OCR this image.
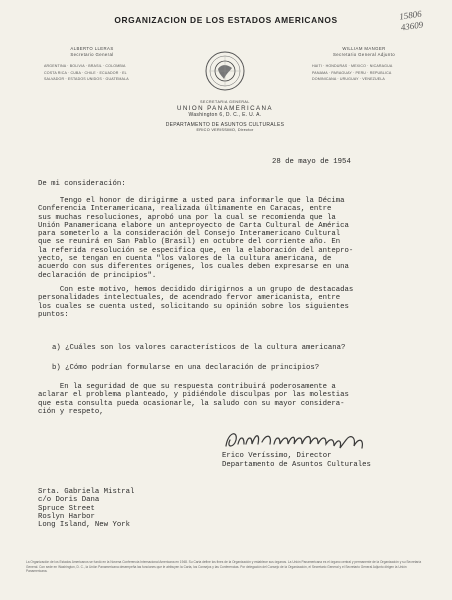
ORGANIZACION DE LOS ESTADOS AMERICANOS	15806
43609
ALBERTO LLERAS
Secretario General
ARGENTINA · BOLIVIA · BRASIL · COLOMBIA
COSTA RICA · CUBA · CHILE · ECUADOR · EL
SALVADOR · ESTADOS UNIDOS · GUATEMALA
WILLIAM MANGER
Secretario General Adjunto
HAITI · HONDURAS · MEXICO · NICARAGUA
PANAMA · PARAGUAY · PERU · REPUBLICA
DOMINICANA · URUGUAY · VENEZUELA
SECRETARIA GENERAL
UNION PANAMERICANA
Washington 6, D. C., E. U. A.
DEPARTAMENTO DE ASUNTOS CULTURALES
ERICO VERISSIMO, Director
28 de mayo de 1954
De mi consideración:
Tengo el honor de dirigirme a usted para informarle que la Décima
Conferencia Interamericana, realizada últimamente en Caracas, entre
sus muchas resoluciones, aprobó una por la cual se recomienda que la
Unión Panamericana elabore un anteproyecto de Carta Cultural de América
para someterlo a la consideración del Consejo Interamericano Cultural
que se reunirá en San Pablo (Brasil) en octubre del corriente año. En
la referida resolución se especifica que, en la elaboración del antepro-
yecto, se tengan en cuenta "los valores de la cultura americana, de
acuerdo con sus diferentes orígenes, los cuales deben expresarse en una
declaración de principios".
Con este motivo, hemos decidido dirigirnos a un grupo de destacadas
personalidades intelectuales, de acendrado fervor americanista, entre
los cuales se cuenta usted, solicitando su opinión sobre los siguientes
puntos:
a) ¿Cuáles son los valores característicos de la cultura americana?
b) ¿Cómo podrían formularse en una declaración de principios?
En la seguridad de que su respuesta contribuirá poderosamente a
aclarar el problema planteado, y pidiéndole disculpas por las molestias
que esta consulta pueda ocasionarle, la saludo con su mayor considera-
ción y respeto,
Erico Veríssimo, Director
Departamento de Asuntos Culturales
Srta. Gabriela Mistral
c/o Doris Dana
Spruce Street
Roslyn Harbor
Long Island, New York
La Organización de los Estados Americanos se fundó en la Novena Conferencia Internacional Americana en 1948. Su Carta define los fines de la Organización y establece sus órganos. La Unión Panamericana es el órgano central y permanente de la Organización y su Secretaría General. Con sede en Washington, D. C., la Unión Panamericana desempeña las funciones que le atribuyen la Carta, los Consejos y las Conferencias. Por delegación del Consejo de la Organización, el Secretario General y el Secretario General Adjunto dirigen la Unión Panamericana.
